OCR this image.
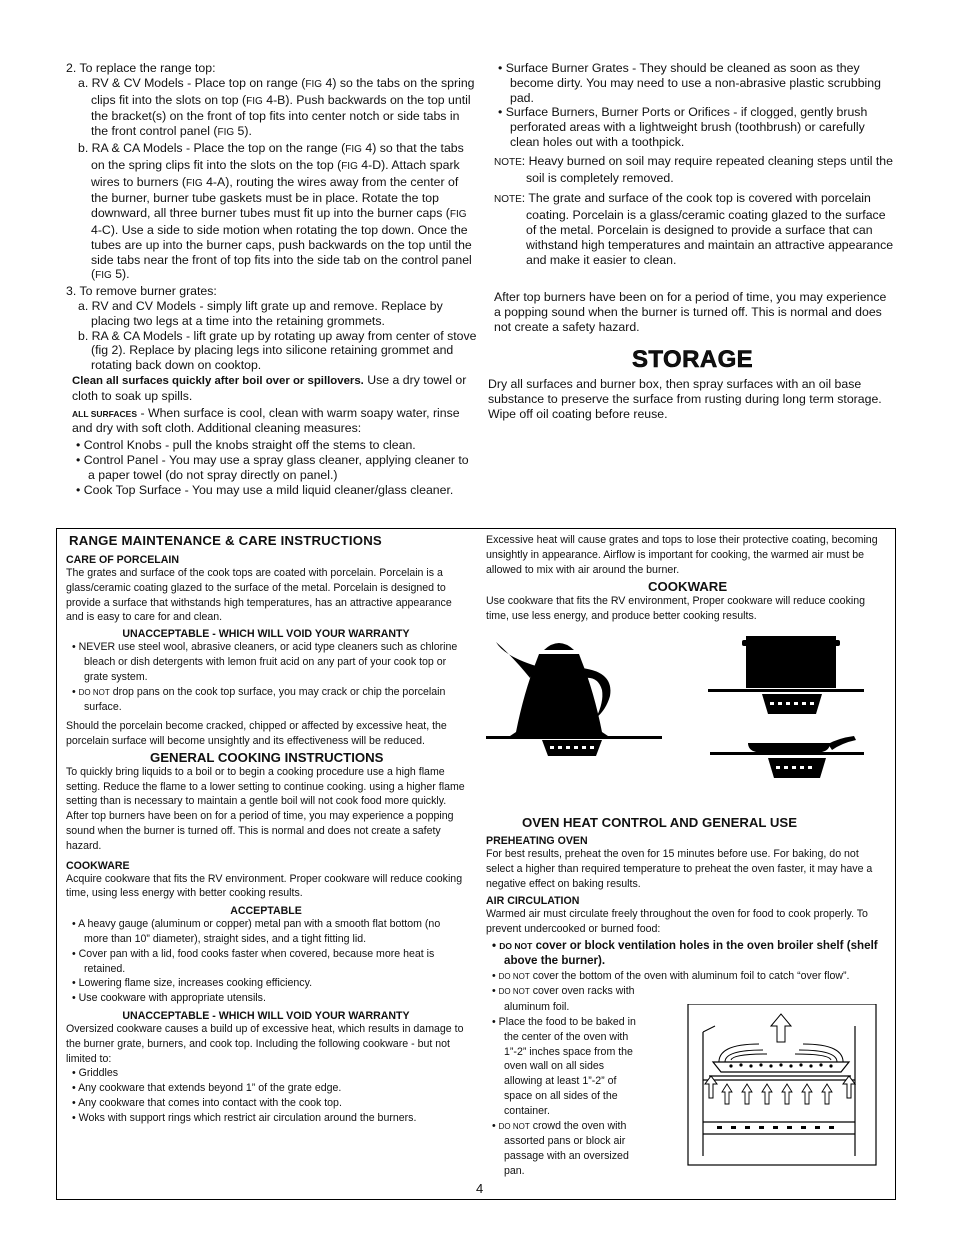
2. To replace the range top:

a. RV & CV Models - Place top on range (FIG 4) so the tabs on the spring clips fit into the slots on top (FIG 4-B). Push backwards on the top until the bracket(s) on the front of top fits into center notch or side tabs in the front control panel (FIG 5).

b. RA & CA Models - Place the top on the range (FIG 4) so that the tabs on the spring clips fit into the slots on the top (FIG 4-D). Attach spark wires to burners (FIG 4-A), routing the wires away from the center of the burner, burner tube gaskets must be in place. Rotate the top downward, all three burner tubes must fit up into the burner caps (FIG 4-C). Use a side to side motion when rotating the top down. Once the tubes are up into the burner caps, push backwards on the top until the side tabs near the front of top fits into the side tab on the control panel (FIG 5).

3. To remove burner grates:

a. RV and CV Models - simply lift grate up and remove. Replace by placing two legs at a time into the retaining grommets.

b. RA & CA Models - lift grate up by rotating up away from center of stove (fig 2). Replace by placing legs into silicone retaining grommet and rotating back down on cooktop.

Clean all surfaces quickly after boil over or spillovers. Use a dry towel or cloth to soak up spills.

ALL SURFACES - When surface is cool, clean with warm soapy water, rinse and dry with soft cloth. Additional cleaning measures:

• Control Knobs - pull the knobs straight off the stems to clean.

• Control Panel - You may use a spray glass cleaner, applying cleaner to a paper towel (do not spray directly on panel.)

• Cook Top Surface - You may use a mild liquid cleaner/glass cleaner.

• Surface Burner Grates - They should be cleaned as soon as they become dirty. You may need to use a non-abrasive plastic scrubbing pad.

• Surface Burners, Burner Ports or Orifices - if clogged, gently brush perforated areas with a lightweight brush (toothbrush) or carefully clean holes out with a toothpick.

NOTE: Heavy burned on soil may require repeated cleaning steps until the soil is completely removed.

NOTE: The grate and surface of the cook top is covered with porcelain coating. Porcelain is a glass/ceramic coating glazed to the surface of the metal. Porcelain is designed to provide a surface that can withstand high temperatures and maintain an attractive appearance and make it easier to clean.

After top burners have been on for a period of time, you may experience a popping sound when the burner is turned off. This is normal and does not create a safety hazard.

STORAGE

Dry all surfaces and burner box, then spray surfaces with an oil base substance to preserve the surface from rusting during long term storage. Wipe off oil coating before reuse.

RANGE MAINTENANCE & CARE INSTRUCTIONS

CARE OF PORCELAIN

The grates and surface of the cook tops are coated with porcelain. Porcelain is a glass/ceramic coating glazed to the surface of the metal. Porcelain is designed to provide a surface that withstands high temperatures, has an attractive appearance and is easy to care for and clean.

UNACCEPTABLE - WHICH WILL VOID YOUR WARRANTY

• NEVER use steel wool, abrasive cleaners, or acid type cleaners such as chlorine bleach or dish detergents with lemon fruit acid on any part of your cook top or grate system.

• DO NOT drop pans on the cook top surface, you may crack or chip the porcelain surface.

Should the porcelain become cracked, chipped or affected by excessive heat, the porcelain surface will become unsightly and its effectiveness will be reduced.

GENERAL COOKING INSTRUCTIONS

To quickly bring liquids to a boil or to begin a cooking procedure use a high flame setting. Reduce the flame to a lower setting to continue cooking. using a higher flame setting than is necessary to maintain a gentle boil will not cook food more quickly. After top burners have been on for a period of time, you may experience a popping sound when the burner is turned off. This is normal and does not create a safety hazard.

COOKWARE

Acquire cookware that fits the RV environment. Proper cookware will reduce cooking time, using less energy with better cooking results.

ACCEPTABLE

• A heavy gauge (aluminum or copper) metal pan with a smooth flat bottom (no more than 10” diameter), straight sides, and a tight fitting lid.

• Cover pan with a lid, food cooks faster when covered, because more heat is retained.

• Lowering flame size, increases cooking efficiency.

• Use cookware with appropriate utensils.

UNACCEPTABLE - WHICH WILL VOID YOUR WARRANTY

Oversized cookware causes a build up of excessive heat, which results in damage to the burner grate, burners, and cook top. Including the following cookware - but not limited to:

• Griddles

• Any cookware that extends beyond 1” of the grate edge.

• Any cookware that comes into contact with the cook top.

• Woks with support rings which restrict air circulation around the burners.

Excessive heat will cause grates and tops to lose their protective coating, becoming unsightly in appearance. Airflow is important for cooking, the warmed air must be allowed to mix with air around the burner.

COOKWARE

Use cookware that fits the RV environment, Proper cookware will reduce cooking time, use less energy, and produce better cooking results.

OVEN HEAT CONTROL AND GENERAL USE

PREHEATING OVEN

For best results, preheat the oven for 15 minutes before use. For baking, do not select a higher than required temperature to preheat the oven faster, it may have a negative effect on baking results.

AIR CIRCULATION

Warmed air must circulate freely throughout the oven for food to cook properly. To prevent undercooked or burned food:

• DO NOT cover or block ventilation holes in the oven broiler shelf (shelf above the burner).

• DO NOT cover the bottom of the oven with aluminum foil to catch “over flow”.

• DO NOT cover oven racks with aluminum foil.

• Place the food to be baked in the center of the oven with 1”-2” inches space from the oven wall on all sides allowing at least 1”-2” of space on all sides of the container.

• DO NOT crowd the oven with assorted pans or block air passage with an oversized pan.

4
